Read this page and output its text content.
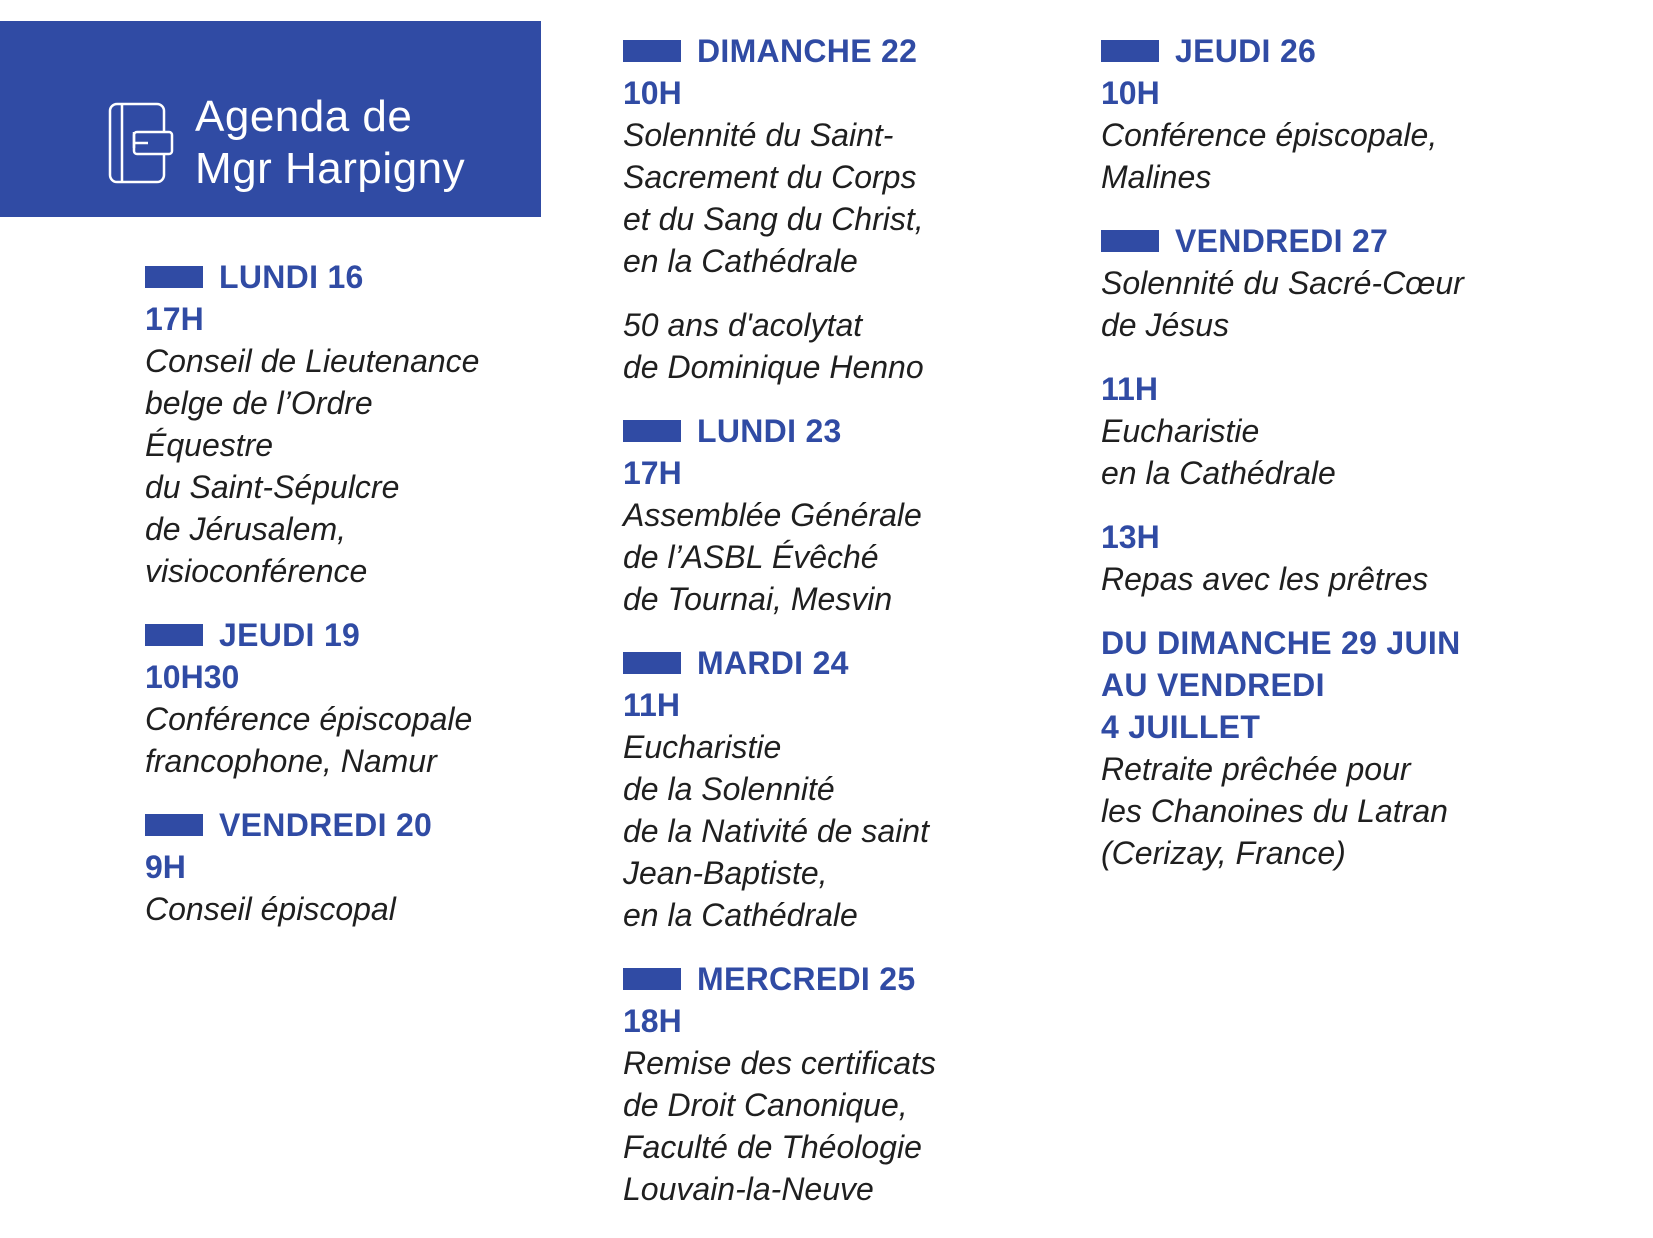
Agenda de
Mgr Harpigny
LUNDI 16
17H
Conseil de Lieutenance
belge de l’Ordre
Équestre
du Saint-Sépulcre
de Jérusalem,
visioconférence
JEUDI 19
10H30
Conférence épiscopale
francophone, Namur
VENDREDI 20
9H
Conseil épiscopal
DIMANCHE 22
10H
Solennité du Saint-
Sacrement du Corps
et du Sang du Christ,
en la Cathédrale
50 ans d'acolytat
de Dominique Henno
LUNDI 23
17H
Assemblée Générale
de l’ASBL Évêché
de Tournai, Mesvin
MARDI 24
11H
Eucharistie
de la Solennité
de la Nativité de saint
Jean-Baptiste,
en la Cathédrale
MERCREDI 25
18H
Remise des certificats
de Droit Canonique,
Faculté de Théologie
Louvain-la-Neuve
JEUDI 26
10H
Conférence épiscopale,
Malines
VENDREDI 27
Solennité du Sacré-Cœur
de Jésus
11H
Eucharistie
en la Cathédrale
13H
Repas avec les prêtres
DU DIMANCHE 29 JUIN
AU VENDREDI
4 JUILLET
Retraite prêchée pour
les Chanoines du Latran
(Cerizay, France)
